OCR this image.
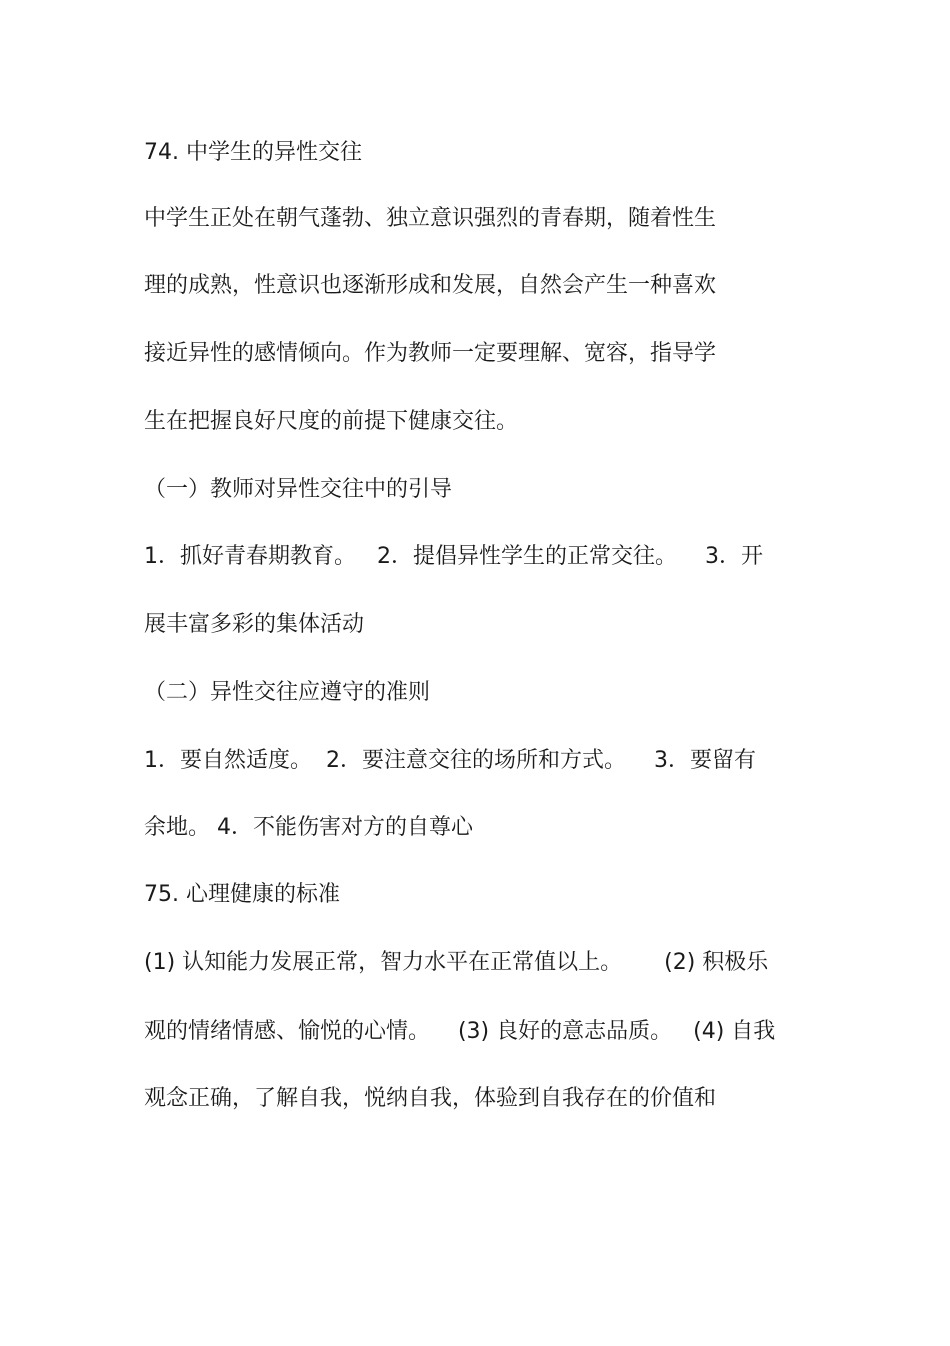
74. 中学生的异性交往
中学生正处在朝气蓬勃、独立意识强烈的青春期，随着性生
理的成熟，性意识也逐渐形成和发展，自然会产生一种喜欢
接近异性的感情倾向。作为教师一定要理解、宽容，指导学
生在把握良好尺度的前提下健康交往。
（一）教师对异性交往中的引导
1．抓好青春期教育。   2．提倡异性学生的正常交往。    3．开
展丰富多彩的集体活动
（二）异性交往应遵守的准则
1．要自然适度。  2．要注意交往的场所和方式。    3．要留有
余地。 4．不能伤害对方的自尊心
75. 心理健康的标准
(1) 认知能力发展正常，智力水平在正常值以上。      (2) 积极乐
观的情绪情感、愉悦的心情。    (3) 良好的意志品质。   (4) 自我
观念正确，了解自我，悦纳自我，体验到自我存在的价值和
